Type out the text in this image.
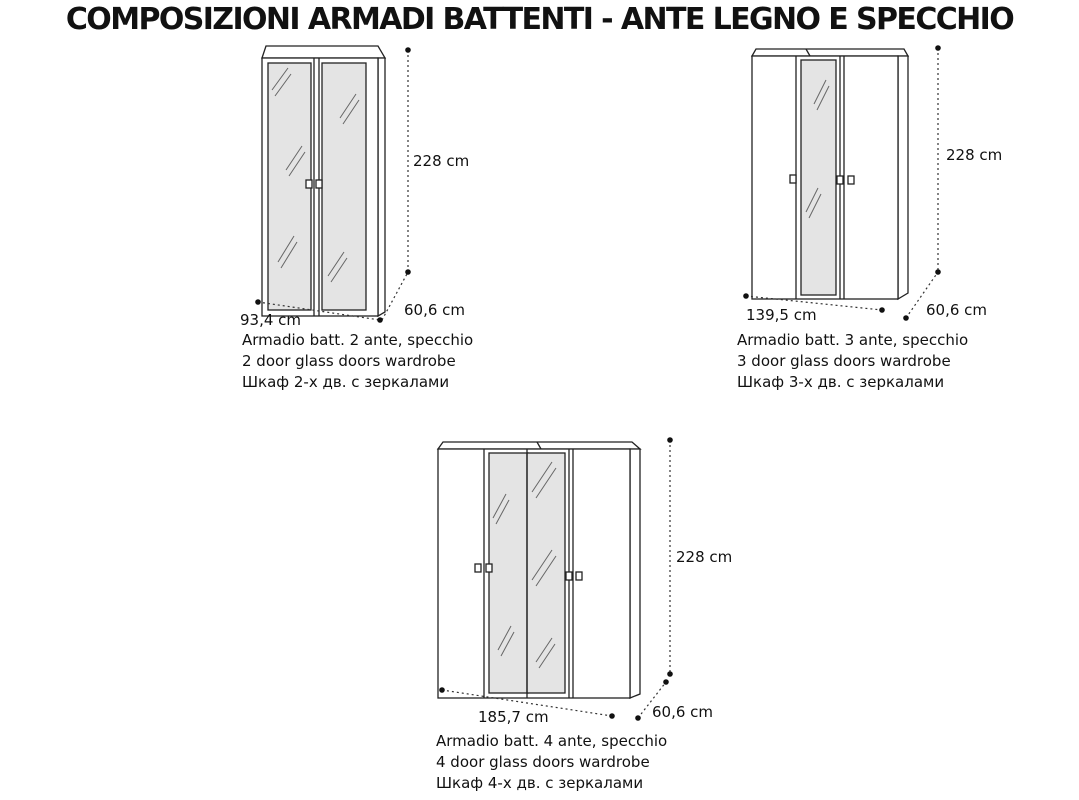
COMPOSIZIONI ARMADI BATTENTI - ANTE LEGNO E SPECCHIO
228 cm
93,4 cm
60,6 cm
228 cm
139,5 cm	60,6 cm
228 cm
185,7 cm	60,6 cm
Armadio batt. 2 ante, specchio
2 door glass doors wardrobe
Шкаф 2-х дв. с зеркалами
Armadio batt. 3 ante, specchio
3 door glass doors wardrobe
Шкаф 3-х дв. с зеркалами
Armadio batt. 4 ante, specchio
4 door glass doors wardrobe
Шкаф 4-х дв. с зеркалами
